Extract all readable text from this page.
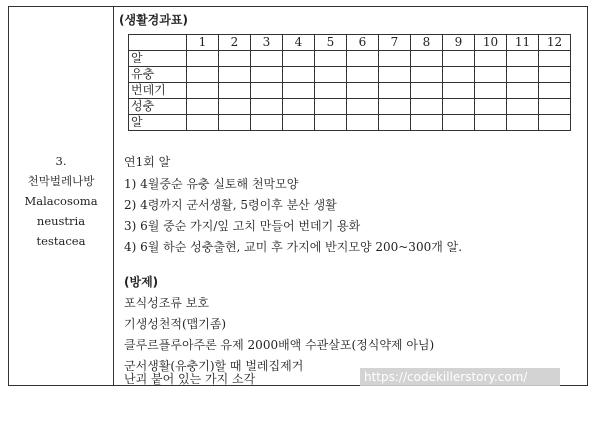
3.
천막벌레나방
Malacosoma
neustria
testacea
(생활경과표)
	1	2	3	4	5	6	7	8	9	10	11	12
알												
유충												
번데기												
성충												
알												
연1회 알
1) 4월중순 유충 실토해 천막모양
2) 4령까지 군서생활, 5령이후 분산 생활
3) 6월 중순 가지/잎 고치 만들어 번데기 용화
4) 6월 하순 성충출현, 교미 후 가지에 반지모양 200~300개 알.
(방제)
포식성조류 보호
기생성천적(맵기좀)
클루르플루아주론 유제 2000배액 수관살포(정식약제 아님)
군서생활(유충기)할 때 벌레집제거
난괴 붙어 있는 가지 소각	https://codekillerstory.com/
